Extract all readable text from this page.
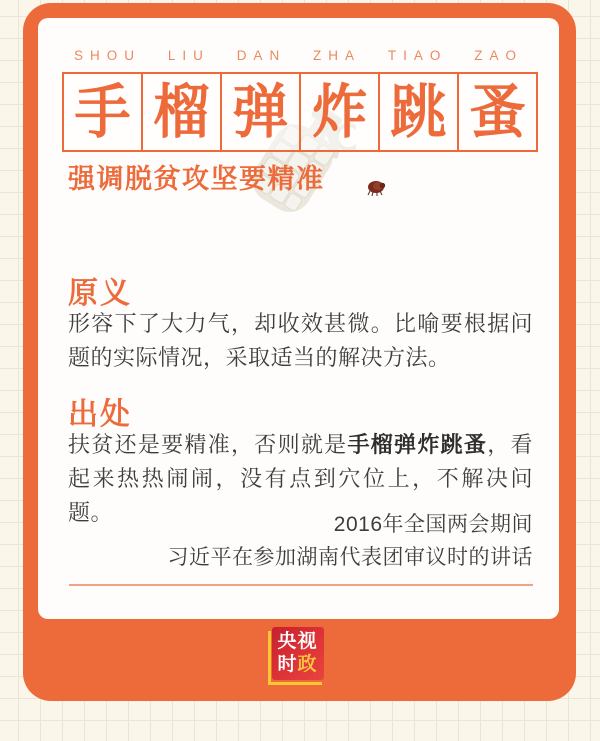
SHOU LIU DAN ZHA TIAO ZAO
手 榴 弹 炸 跳 蚤
强调脱贫攻坚要精准
原义

形容下了大力气，却收效甚微。比喻要根据问题的实际情况，采取适当的解决方法。

出处

扶贫还是要精准，否则就是手榴弹炸跳蚤，看起来热热闹闹，没有点到穴位上，不解决问题。	2016年全国两会期间
习近平在参加湖南代表团审议时的讲话
央视
时 政
